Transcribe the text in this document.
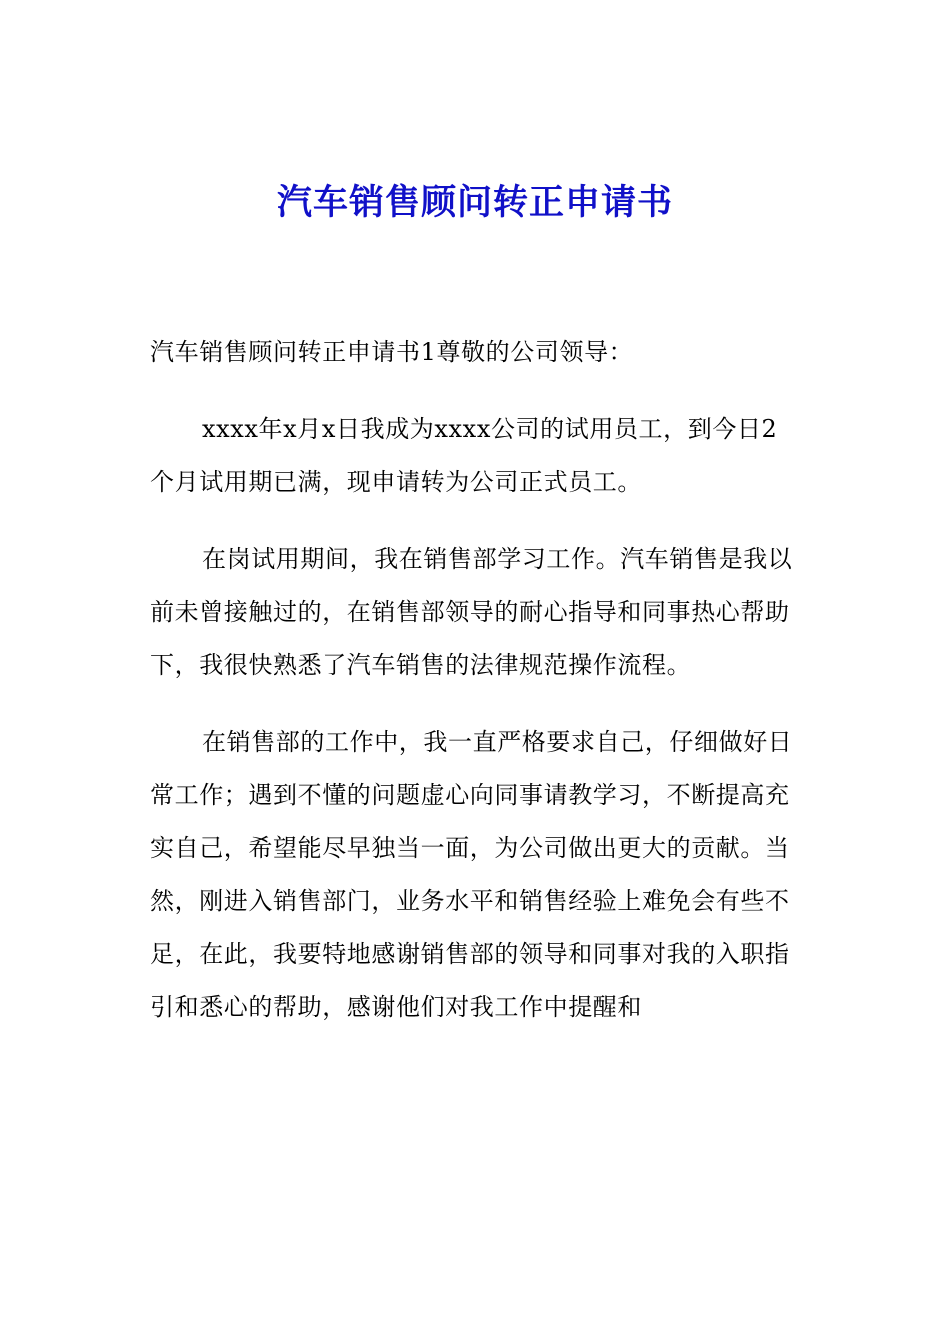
汽车销售顾问转正申请书

汽车销售顾问转正申请书1尊敬的公司领导：

xxxx年x月x日我成为xxxx公司的试用员工，到今日2个月试用期已满，现申请转为公司正式员工。

在岗试用期间，我在销售部学习工作。汽车销售是我以前未曾接触过的，在销售部领导的耐心指导和同事热心帮助下，我很快熟悉了汽车销售的法律规范操作流程。

在销售部的工作中，我一直严格要求自己，仔细做好日常工作；遇到不懂的问题虚心向同事请教学习，不断提高充实自己，希望能尽早独当一面，为公司做出更大的贡献。当然，刚进入销售部门，业务水平和销售经验上难免会有些不足，在此，我要特地感谢销售部的领导和同事对我的入职指引和悉心的帮助，感谢他们对我工作中提醒和
